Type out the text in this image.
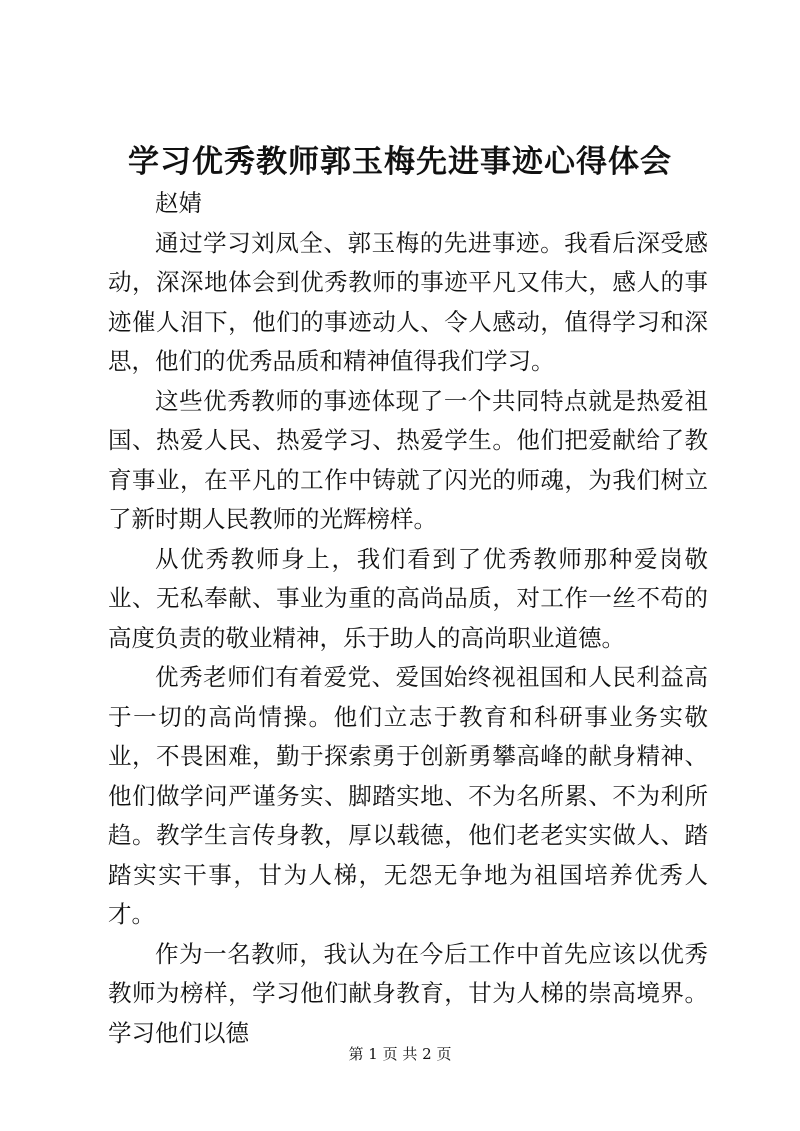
学习优秀教师郭玉梅先进事迹心得体会

赵婧

通过学习刘凤全、郭玉梅的先进事迹。我看后深受感动，深深地体会到优秀教师的事迹平凡又伟大，感人的事迹催人泪下，他们的事迹动人、令人感动，值得学习和深思，他们的优秀品质和精神值得我们学习。

这些优秀教师的事迹体现了一个共同特点就是热爱祖国、热爱人民、热爱学习、热爱学生。他们把爱献给了教育事业，在平凡的工作中铸就了闪光的师魂，为我们树立了新时期人民教师的光辉榜样。

从优秀教师身上，我们看到了优秀教师那种爱岗敬业、无私奉献、事业为重的高尚品质，对工作一丝不苟的高度负责的敬业精神，乐于助人的高尚职业道德。

优秀老师们有着爱党、爱国始终视祖国和人民利益高于一切的高尚情操。他们立志于教育和科研事业务实敬业，不畏困难，勤于探索勇于创新勇攀高峰的献身精神、他们做学问严谨务实、脚踏实地、不为名所累、不为利所趋。教学生言传身教，厚以载德，他们老老实实做人、踏踏实实干事，甘为人梯，无怨无争地为祖国培养优秀人才。

作为一名教师，我认为在今后工作中首先应该以优秀教师为榜样，学习他们献身教育，甘为人梯的崇高境界。学习他们以德

第 1 页 共 2 页
